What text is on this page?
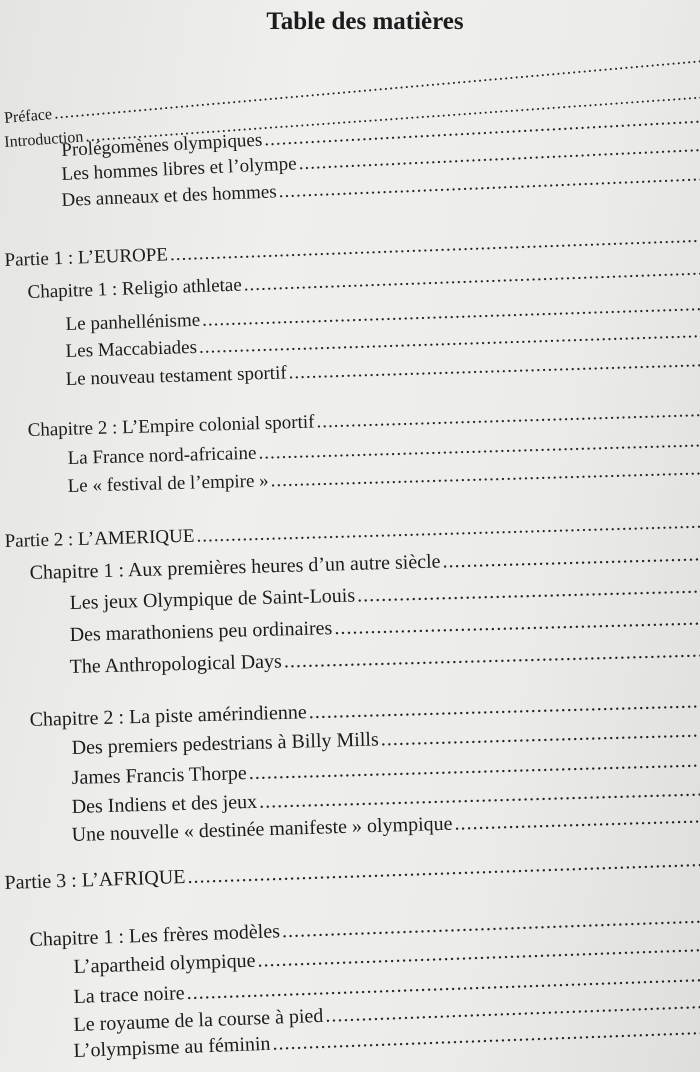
Table des matières
Préface
.....
Introduction
.....
Prolégomènes olympiques
.....
Les hommes libres et l’olympe
.....
Des anneaux et des hommes
.....
Partie 1 : L’EUROPE
.....
Chapitre 1 : Religio athletae
.....
Le panhellénisme
.....
Les Maccabiades
.....
Le nouveau testament sportif
.....
Chapitre 2 : L’Empire colonial sportif
.....
La France nord-africaine
.....
Le « festival de l’empire »
.....
Partie 2 : L’AMERIQUE
.....
Chapitre 1 : Aux premières heures d’un autre siècle
.....
Les jeux Olympique de Saint-Louis
.....
Des marathoniens peu ordinaires
.....
The Anthropological Days
.....
Chapitre 2 : La piste amérindienne
.....
Des premiers pedestrians à Billy Mills
.....
James Francis Thorpe
.....
Des Indiens et des jeux
.....
Une nouvelle « destinée manifeste » olympique
.....
Partie 3 : L’AFRIQUE
.....
Chapitre 1 : Les frères modèles
.....
L’apartheid olympique
.....
La trace noire
.....
Le royaume de la course à pied
.....
L’olympisme au féminin
.....
